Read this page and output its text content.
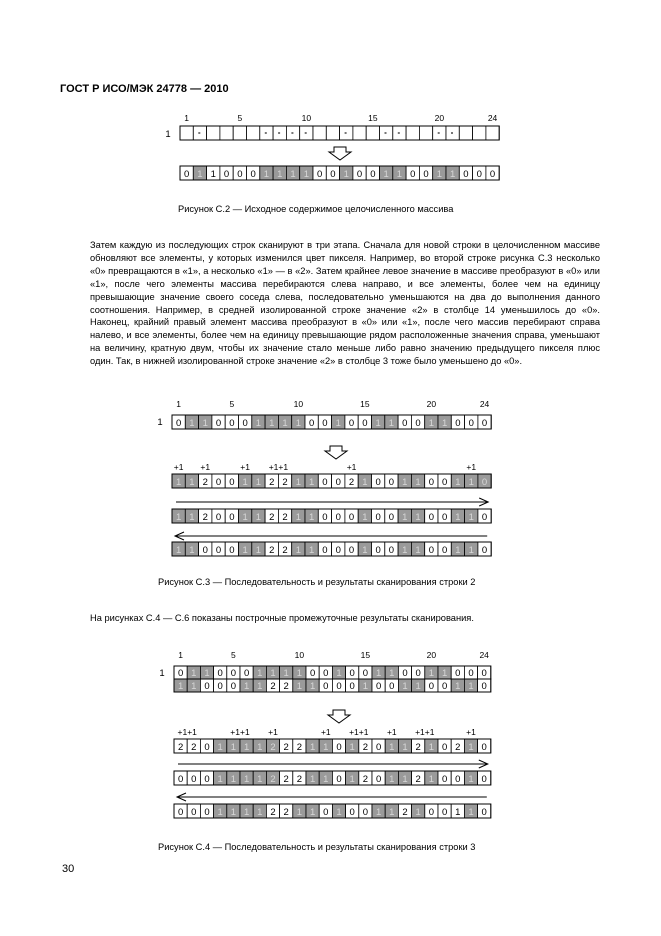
ГОСТ Р ИСО/МЭК 24778 — 2010
1	5	10	15	20	24
1
0 1 1 0 0 0 1 1 1 1 0 0 1 0 0 1 1 0 0 1 1 0 0 0
1	5	10	15	20	24
1 0 1 1 0 0 0 1 1 1 1 0 0 1 0 0 1 1 0 0 1 1 0 0 0
+1 +1	+1 +1+1	+1	+1
1 1 2 0 0 1 1 2 2 1 1 0 0 2 1 0 0 1 1 0 0 1 1 0
1 1 2 0 0 1 1 2 2 1 1 0 0 0 1 0 0 1 1 0 0 1 1 0
1 1 0 0 0 1 1 2 2 1 1 0 0 0 1 0 0 1 1 0 0 1 1 0
1	5	10	15	20	24
1 0 1 1 0 0 0 1 1 1 1 0 0 1 0 0 1 1 0 0 1 1 0 0 0
1 1 0 0 0 1 1 2 2 1 1 0 0 0 1 0 0 1 1 0 0 1 1 0
+1+1	+1+1 +1	+1 +1+1 +1 +1+1	+1
2 2 0 1 1 1 1 2 2 2 1 1 0 1 2 0 1 1 2 1 0 2 1 0
0 0 0 1 1 1 1 2 2 2 1 1 0 1 2 0 1 1 2 1 0 0 1 0
0 0 0 1 1 1 1 2 2 1 1 0 1 0 0 1 1 2 1 0 0 1 1 0
Рисунок С.2 — Исходное содержимое целочисленного массива

Затем каждую из последующих строк сканируют в три этапа. Сначала для новой строки в целочисленном массиве обновляют все элементы, у которых изменился цвет пикселя. Например, во второй строке рисунка С.3 несколько «0» превращаются в «1», а несколько «1» — в «2». Затем крайнее левое значение в массиве преобразуют в «0» или «1», после чего элементы массива перебираются слева направо, и все элементы, более чем на единицу превышающие значение своего соседа слева, последовательно уменьшаются на два до выполнения данного соотношения. Например, в средней изолированной строке значение «2» в столбце 14 уменьшилось до «0». Наконец, крайний правый элемент массива преобразуют в «0» или «1», после чего массив перебирают справа налево, и все элементы, более чем на единицу превышающие рядом расположенные значения справа, уменьшают на величину, кратную двум, чтобы их значение стало меньше либо равно значению предыдущего пикселя плюс один. Так, в нижней изолированной строке значение «2» в столбце 3 тоже было уменьшено до «0».

Рисунок С.3 — Последовательность и результаты сканирования строки 2

На рисунках С.4 — С.6 показаны построчные промежуточные результаты сканирования.

Рисунок С.4 — Последовательность и результаты сканирования строки 3
30
